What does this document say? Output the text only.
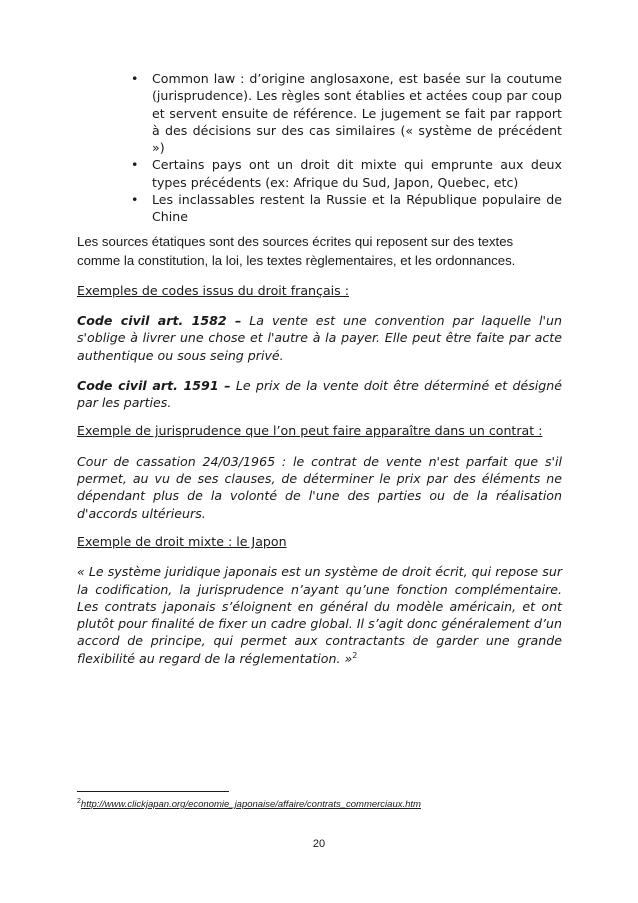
• Common law : d’origine anglosaxone, est basée sur la coutume (jurisprudence). Les règles sont établies et actées coup par coup et servent ensuite de référence. Le jugement se fait par rapport à des décisions sur des cas similaires (« système de précédent »)
• Certains pays ont un droit dit mixte qui emprunte aux deux types précédents (ex: Afrique du Sud, Japon, Quebec, etc)
• Les inclassables restent la Russie et la République populaire de Chine

Les sources étatiques sont des sources écrites qui reposent sur des textes comme la constitution, la loi, les textes règlementaires, et les ordonnances.

Exemples de codes issus du droit français :

Code civil art. 1582 – La vente est une convention par laquelle l'un s'oblige à livrer une chose et l'autre à la payer. Elle peut être faite par acte authentique ou sous seing privé.

Code civil art. 1591 – Le prix de la vente doit être déterminé et désigné par les parties.

Exemple de jurisprudence que l’on peut faire apparaître dans un contrat :

Cour de cassation 24/03/1965 : le contrat de vente n'est parfait que s'il permet, au vu de ses clauses, de déterminer le prix par des éléments ne dépendant plus de la volonté de l'une des parties ou de la réalisation d'accords ultérieurs.

Exemple de droit mixte : le Japon

« Le système juridique japonais est un système de droit écrit, qui repose sur la codification, la jurisprudence n’ayant qu’une fonction complémentaire. Les contrats japonais s’éloignent en général du modèle américain, et ont plutôt pour finalité de fixer un cadre global. Il s’agit donc généralement d’un accord de principe, qui permet aux contractants de garder une grande flexibilité au regard de la réglementation. »$^2$

$^2$http://www.clickjapan.org/economie_japonaise/affaire/contrats_commerciaux.htm
20
